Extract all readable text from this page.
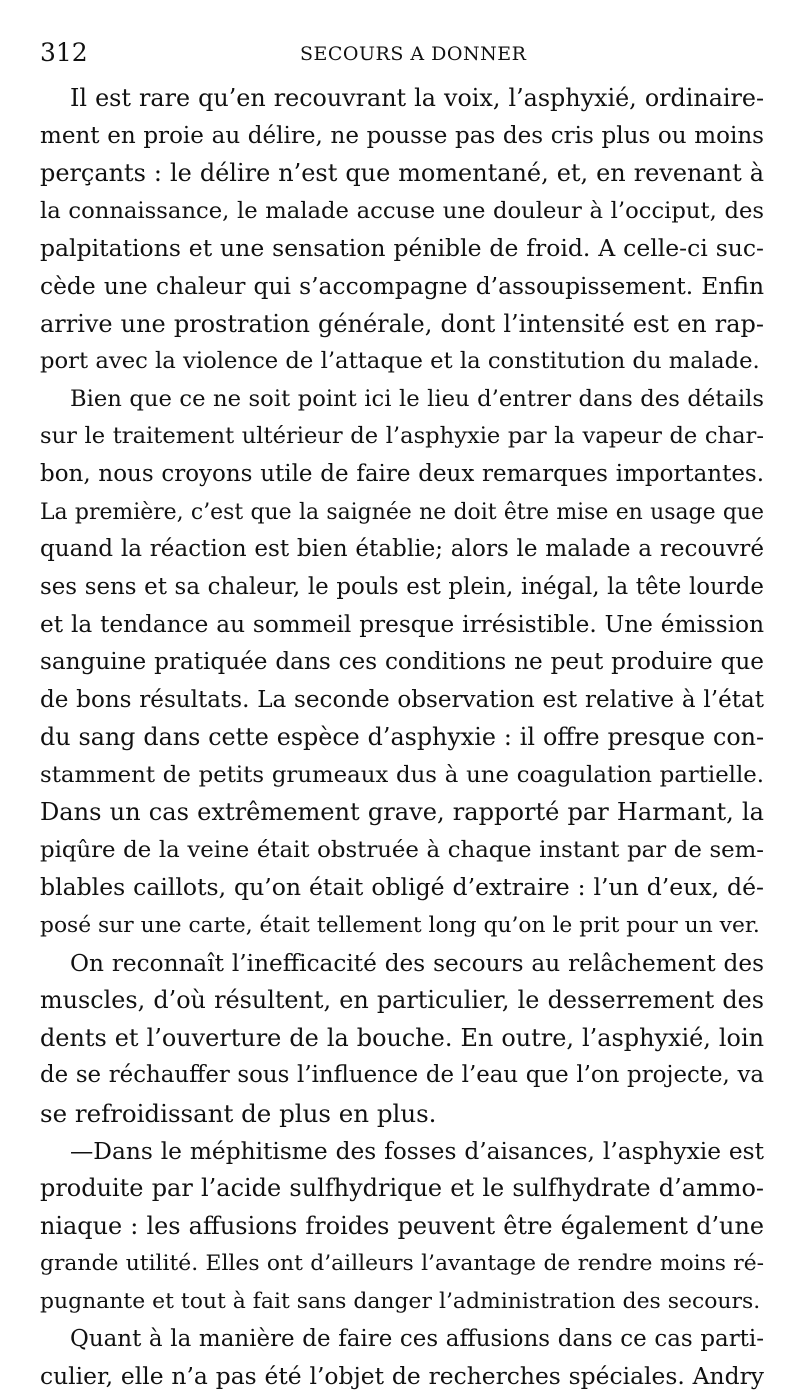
312	SECOURS A DONNER
Il est rare qu’en recouvrant la voix, l’asphyxié, ordinaire-
ment en proie au délire, ne pousse pas des cris plus ou moins
perçants : le délire n’est que momentané, et, en revenant à
la connaissance, le malade accuse une douleur à l’occiput, des
palpitations et une sensation pénible de froid. A celle-ci suc-
cède une chaleur qui s’accompagne d’assoupissement. Enfin
arrive une prostration générale, dont l’intensité est en rap-
port avec la violence de l’attaque et la constitution du malade.
Bien que ce ne soit point ici le lieu d’entrer dans des détails
sur le traitement ultérieur de l’asphyxie par la vapeur de char-
bon, nous croyons utile de faire deux remarques importantes.
La première, c’est que la saignée ne doit être mise en usage que
quand la réaction est bien établie; alors le malade a recouvré
ses sens et sa chaleur, le pouls est plein, inégal, la tête lourde
et la tendance au sommeil presque irrésistible. Une émission
sanguine pratiquée dans ces conditions ne peut produire que
de bons résultats. La seconde observation est relative à l’état
du sang dans cette espèce d’asphyxie : il offre presque con-
stamment de petits grumeaux dus à une coagulation partielle.
Dans un cas extrêmement grave, rapporté par Harmant, la
piqûre de la veine était obstruée à chaque instant par de sem-
blables caillots, qu’on était obligé d’extraire : l’un d’eux, dé-
posé sur une carte, était tellement long qu’on le prit pour un ver.
On reconnaît l’inefficacité des secours au relâchement des
muscles, d’où résultent, en particulier, le desserrement des
dents et l’ouverture de la bouche. En outre, l’asphyxié, loin
de se réchauffer sous l’influence de l’eau que l’on projecte, va
se refroidissant de plus en plus.
—Dans le méphitisme des fosses d’aisances, l’asphyxie est
produite par l’acide sulfhydrique et le sulfhydrate d’ammo-
niaque : les affusions froides peuvent être également d’une
grande utilité. Elles ont d’ailleurs l’avantage de rendre moins ré-
pugnante et tout à fait sans danger l’administration des secours.
Quant à la manière de faire ces affusions dans ce cas parti-
culier, elle n’a pas été l’objet de recherches spéciales. Andry
